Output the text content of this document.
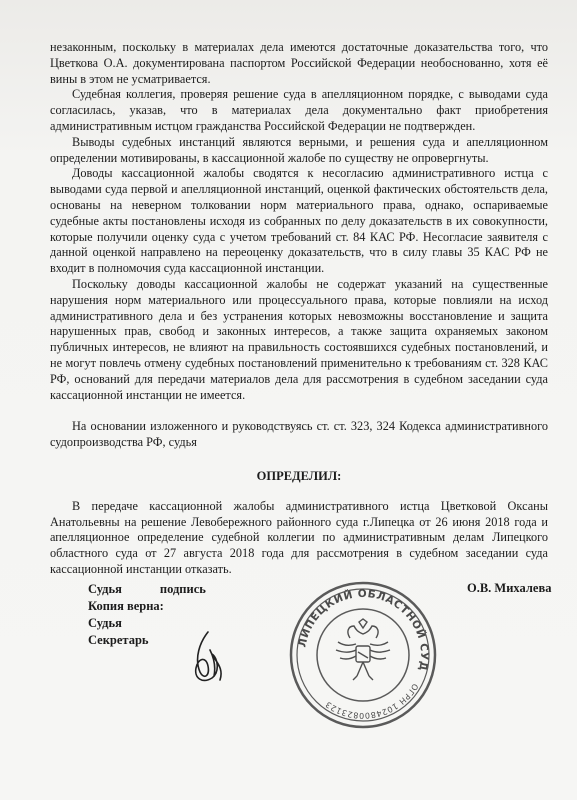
незаконным, поскольку в материалах дела имеются достаточные доказательства того, что Цветкова О.А. документирована паспортом Российской Федерации необоснованно, хотя её вины в этом не усматривается.

Судебная коллегия, проверяя решение суда в апелляционном порядке, с выводами суда согласилась, указав, что в материалах дела документально факт приобретения административным истцом гражданства Российской Федерации не подтвержден.

Выводы судебных инстанций являются верными, и решения суда и апелляционном определении мотивированы, в кассационной жалобе по существу не опровергнуты.

Доводы кассационной жалобы сводятся к несогласию административного истца с выводами суда первой и апелляционной инстанций, оценкой фактических обстоятельств дела, основаны на неверном толковании норм материального права, однако, оспариваемые судебные акты постановлены исходя из собранных по делу доказательств в их совокупности, которые получили оценку суда с учетом требований ст. 84 КАС РФ. Несогласие заявителя с данной оценкой направлено на переоценку доказательств, что в силу главы 35 КАС РФ не входит в полномочия суда кассационной инстанции.

Поскольку доводы кассационной жалобы не содержат указаний на существенные нарушения норм материального или процессуального права, которые повлияли на исход административного дела и без устранения которых невозможны восстановление и защита нарушенных прав, свобод и законных интересов, а также защита охраняемых законом публичных интересов, не влияют на правильность состоявшихся судебных постановлений, и не могут повлечь отмену судебных постановлений применительно к требованиям ст. 328 КАС РФ, оснований для передачи материалов дела для рассмотрения в судебном заседании суда кассационной инстанции не имеется.

На основании изложенного и руководствуясь ст. ст. 323, 324 Кодекса административного судопроизводства РФ, судья

ОПРЕДЕЛИЛ:

В передаче кассационной жалобы административного истца Цветковой Оксаны Анатольевны на решение Левобережного районного суда г.Липецка от 26 июня 2018 года и апелляционное определение судебной коллегии по административным делам Липецкого областного суда от 27 августа 2018 года для рассмотрения в судебном заседании суда кассационной инстанции отказать.

Судья	подпись
Копия верна:
Судья
Секретарь
О.В. Михалева
ЛИПЕЦКИЙ ОБЛАСТНОЙ СУД
ОГРН 1024800823123
